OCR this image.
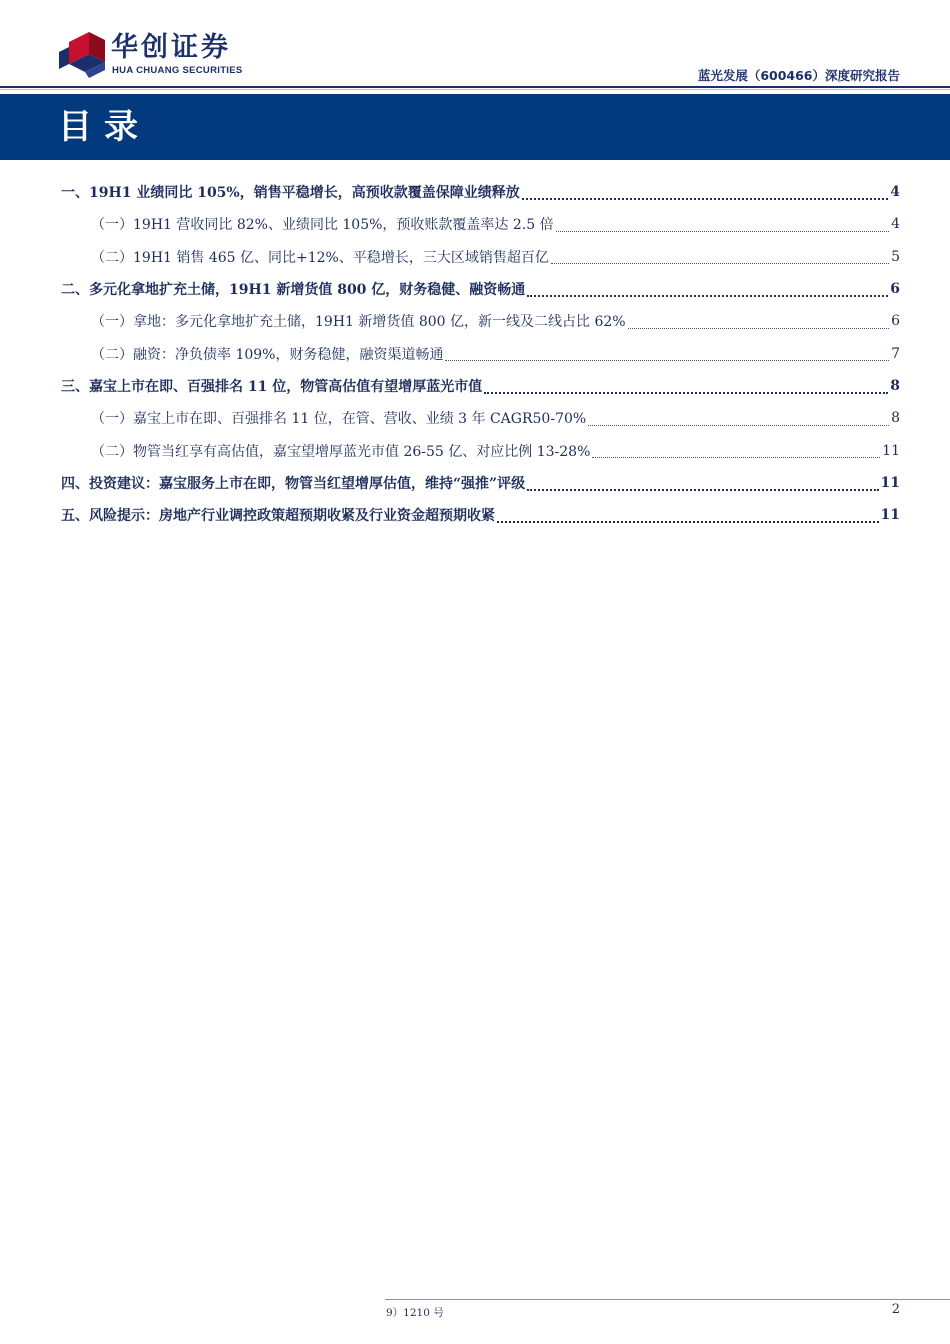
华创证券
HUA CHUANG SECURITIES	蓝光发展（600466）深度研究报告
目录
一、19H1 业绩同比 105%，销售平稳增长，高预收款覆盖保障业绩释放	4
（一）19H1 营收同比 82%、业绩同比 105%，预收账款覆盖率达 2.5 倍	4
（二）19H1 销售 465 亿、同比+12%、平稳增长，三大区域销售超百亿	5
二、多元化拿地扩充土储，19H1 新增货值 800 亿，财务稳健、融资畅通	6
（一）拿地：多元化拿地扩充土储，19H1 新增货值 800 亿，新一线及二线占比 62%	6
（二）融资：净负债率 109%，财务稳健，融资渠道畅通	7
三、嘉宝上市在即、百强排名 11 位，物管高估值有望增厚蓝光市值	8
（一）嘉宝上市在即、百强排名 11 位，在管、营收、业绩 3 年 CAGR50-70%	8
（二）物管当红享有高估值，嘉宝望增厚蓝光市值 26-55 亿、对应比例 13-28%	11
四、投资建议：嘉宝服务上市在即，物管当红望增厚估值，维持“强推”评级	11
五、风险提示：房地产行业调控政策超预期收紧及行业资金超预期收紧	11
9）1210 号	2
